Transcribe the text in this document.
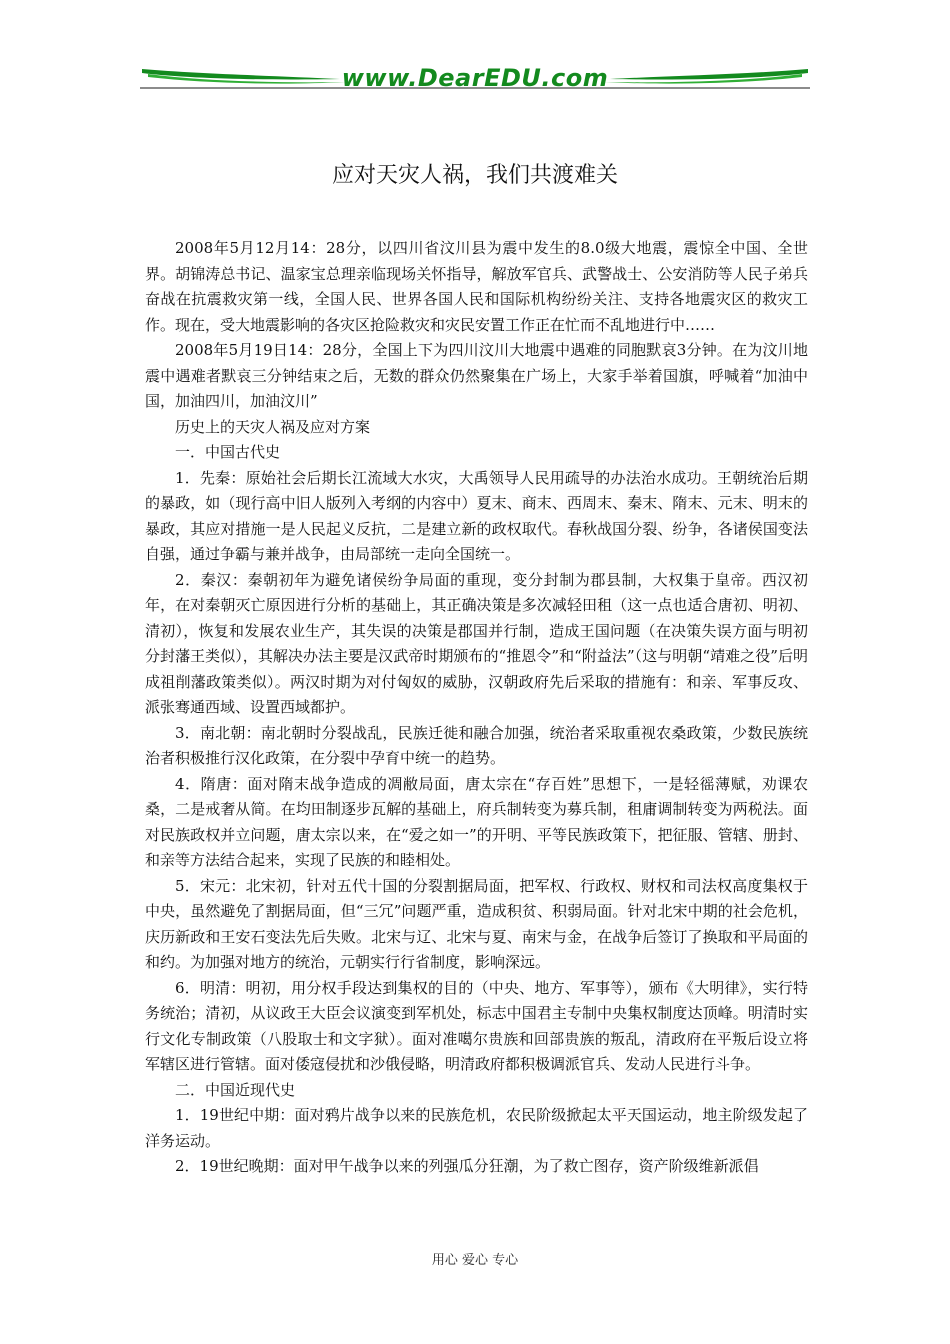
www.DearEDU.com
应对天灾人祸，我们共渡难关

2008年5月12月14：28分，以四川省汶川县为震中发生的8.0级大地震，震惊全中国、全世界。胡锦涛总书记、温家宝总理亲临现场关怀指导，解放军官兵、武警战士、公安消防等人民子弟兵奋战在抗震救灾第一线，全国人民、世界各国人民和国际机构纷纷关注、支持各地震灾区的救灾工作。现在，受大地震影响的各灾区抢险救灾和灾民安置工作正在忙而不乱地进行中……

2008年5月19日14：28分，全国上下为四川汶川大地震中遇难的同胞默哀3分钟。在为汶川地震中遇难者默哀三分钟结束之后，无数的群众仍然聚集在广场上，大家手举着国旗，呼喊着“加油中国，加油四川，加油汶川”

历史上的天灾人祸及应对方案

一．中国古代史

1．先秦：原始社会后期长江流域大水灾，大禹领导人民用疏导的办法治水成功。王朝统治后期的暴政，如（现行高中旧人版列入考纲的内容中）夏末、商末、西周末、秦末、隋末、元末、明末的暴政，其应对措施一是人民起义反抗，二是建立新的政权取代。春秋战国分裂、纷争，各诸侯国变法自强，通过争霸与兼并战争，由局部统一走向全国统一。

2．秦汉：秦朝初年为避免诸侯纷争局面的重现，变分封制为郡县制，大权集于皇帝。西汉初年，在对秦朝灭亡原因进行分析的基础上，其正确决策是多次减轻田租（这一点也适合唐初、明初、清初），恢复和发展农业生产，其失误的决策是郡国并行制，造成王国问题（在决策失误方面与明初分封藩王类似），其解决办法主要是汉武帝时期颁布的“推恩令”和“附益法”（这与明朝“靖难之役”后明成祖削藩政策类似）。两汉时期为对付匈奴的威胁，汉朝政府先后采取的措施有：和亲、军事反攻、派张骞通西域、设置西域都护。

3．南北朝：南北朝时分裂战乱，民族迁徙和融合加强，统治者采取重视农桑政策，少数民族统治者积极推行汉化政策，在分裂中孕育中统一的趋势。

4．隋唐：面对隋末战争造成的凋敝局面，唐太宗在“存百姓”思想下，一是轻徭薄赋，劝课农桑，二是戒奢从简。在均田制逐步瓦解的基础上，府兵制转变为募兵制，租庸调制转变为两税法。面对民族政权并立问题，唐太宗以来，在“爱之如一”的开明、平等民族政策下，把征服、管辖、册封、和亲等方法结合起来，实现了民族的和睦相处。

5．宋元：北宋初，针对五代十国的分裂割据局面，把军权、行政权、财权和司法权高度集权于中央，虽然避免了割据局面，但“三冗”问题严重，造成积贫、积弱局面。针对北宋中期的社会危机，庆历新政和王安石变法先后失败。北宋与辽、北宋与夏、南宋与金，在战争后签订了换取和平局面的和约。为加强对地方的统治，元朝实行行省制度，影响深远。

6．明清：明初，用分权手段达到集权的目的（中央、地方、军事等），颁布《大明律》，实行特务统治；清初，从议政王大臣会议演变到军机处，标志中国君主专制中央集权制度达顶峰。明清时实行文化专制政策（八股取士和文字狱）。面对准噶尔贵族和回部贵族的叛乱，清政府在平叛后设立将军辖区进行管辖。面对倭寇侵扰和沙俄侵略，明清政府都积极调派官兵、发动人民进行斗争。

二．中国近现代史

1．19世纪中期：面对鸦片战争以来的民族危机，农民阶级掀起太平天国运动，地主阶级发起了洋务运动。

2．19世纪晚期：面对甲午战争以来的列强瓜分狂潮，为了救亡图存，资产阶级维新派倡

用心 爱心 专心
